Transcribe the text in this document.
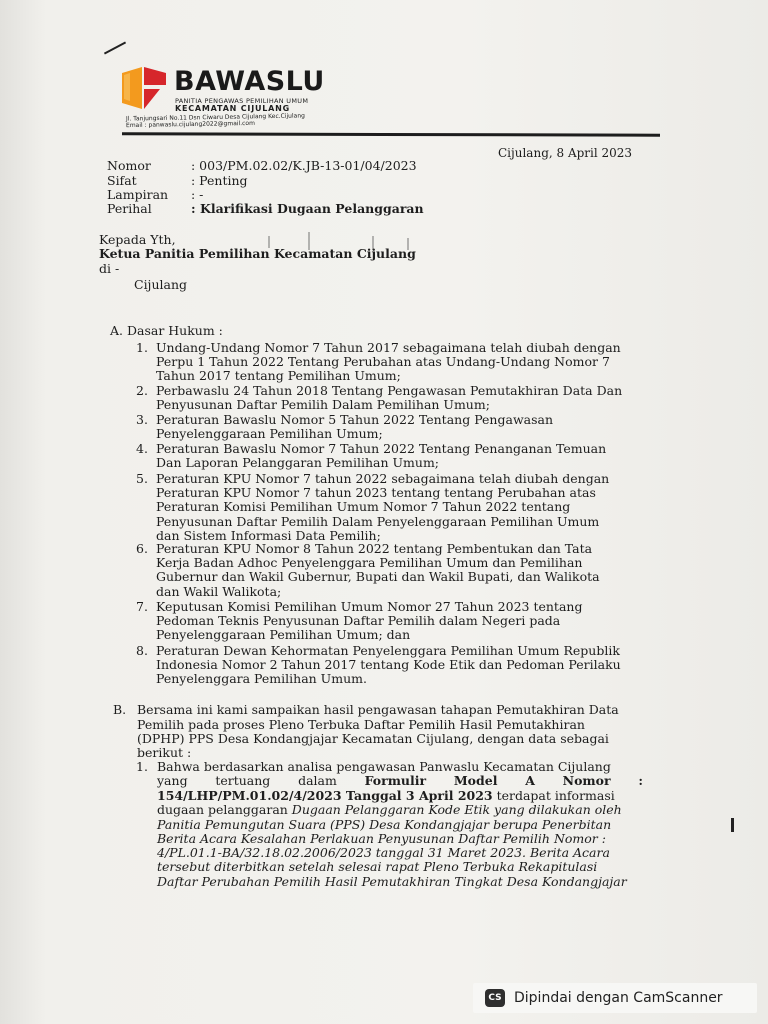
BAWASLU
PANITIA PENGAWAS PEMILIHAN UMUM
KECAMATAN CIJULANG
Jl. Tanjungsari No.11 Dsn Ciwaru Desa Cijulang Kec.Cijulang
Email : panwaslu.cijulang2022@gmail.com
Cijulang, 8 April 2023
Nomor	: 003/PM.02.02/K.JB-13-01/04/2023
Sifat	: Penting
Lampiran : -
Perihal	: Klarifikasi Dugaan Pelanggaran
Kepada Yth,
Ketua Panitia Pemilihan Kecamatan Cijulang
di -
Cijulang
A. Dasar Hukum :
1. Undang-Undang Nomor 7 Tahun 2017 sebagaimana telah diubah dengan
Perpu 1 Tahun 2022 Tentang Perubahan atas Undang-Undang Nomor 7
Tahun 2017 tentang Pemilihan Umum;
2. Perbawaslu 24 Tahun 2018 Tentang Pengawasan Pemutakhiran Data Dan
Penyusunan Daftar Pemilih Dalam Pemilihan Umum;
3. Peraturan Bawaslu Nomor 5 Tahun 2022 Tentang Pengawasan
Penyelenggaraan Pemilihan Umum;
4. Peraturan Bawaslu Nomor 7 Tahun 2022 Tentang Penanganan Temuan
Dan Laporan Pelanggaran Pemilihan Umum;
5. Peraturan KPU Nomor 7 tahun 2022 sebagaimana telah diubah dengan
Peraturan KPU Nomor 7 tahun 2023 tentang tentang Perubahan atas
Peraturan Komisi Pemilihan Umum Nomor 7 Tahun 2022 tentang
Penyusunan Daftar Pemilih Dalam Penyelenggaraan Pemilihan Umum
dan Sistem Informasi Data Pemilih;
6. Peraturan KPU Nomor 8 Tahun 2022 tentang Pembentukan dan Tata
Kerja Badan Adhoc Penyelenggara Pemilihan Umum dan Pemilihan
Gubernur dan Wakil Gubernur, Bupati dan Wakil Bupati, dan Walikota
dan Wakil Walikota;
7. Keputusan Komisi Pemilihan Umum Nomor 27 Tahun 2023 tentang
Pedoman Teknis Penyusunan Daftar Pemilih dalam Negeri pada
Penyelenggaraan Pemilihan Umum; dan
8. Peraturan Dewan Kehormatan Penyelenggara Pemilihan Umum Republik
Indonesia Nomor 2 Tahun 2017 tentang Kode Etik dan Pedoman Perilaku
Penyelenggara Pemilihan Umum.
B. Bersama ini kami sampaikan hasil pengawasan tahapan Pemutakhiran Data
Pemilih pada proses Pleno Terbuka Daftar Pemilih Hasil Pemutakhiran
(DPHP) PPS Desa Kondangjajar Kecamatan Cijulang, dengan data sebagai
berikut :
1. Bahwa berdasarkan analisa pengawasan Panwaslu Kecamatan Cijulang
yang tertuang dalam Formulir Model A Nomor :
154/LHP/PM.01.02/4/2023 Tanggal 3 April 2023 terdapat informasi
dugaan pelanggaran Dugaan Pelanggaran Kode Etik yang dilakukan oleh
Panitia Pemungutan Suara (PPS) Desa Kondangjajar berupa Penerbitan
Berita Acara Kesalahan Perlakuan Penyusunan Daftar Pemilih Nomor :
4/PL.01.1-BA/32.18.02.2006/2023 tanggal 31 Maret 2023. Berita Acara
tersebut diterbitkan setelah selesai rapat Pleno Terbuka Rekapitulasi
Daftar Perubahan Pemilih Hasil Pemutakhiran Tingkat Desa Kondangjajar
CS Dipindai dengan CamScanner
